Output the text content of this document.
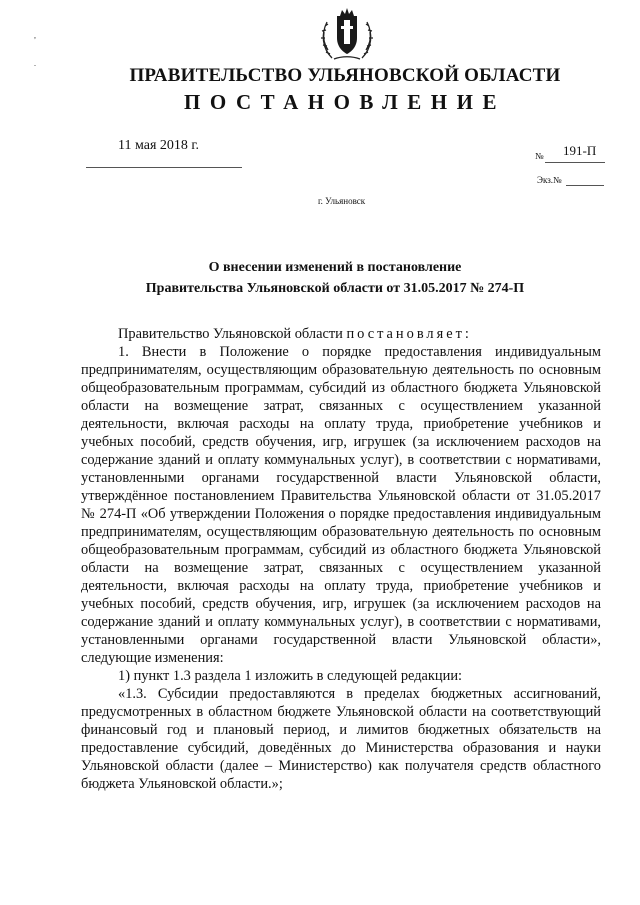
,
.
ПРАВИТЕЛЬСТВО УЛЬЯНОВСКОЙ ОБЛАСТИ
ПОСТАНОВЛЕНИЕ
11 мая 2018 г.
№ 191-П
Экз.№
г. Ульяновск
О внесении изменений в постановление
Правительства Ульяновской области от 31.05.2017 № 274-П

Правительство Ульяновской области постановляет:

1. Внести в Положение о порядке предоставления индивидуальным предпринимателям, осуществляющим образовательную деятельность по основным общеобразовательным программам, субсидий из областного бюджета Ульяновской области на возмещение затрат, связанных с осуществлением указанной деятельности, включая расходы на оплату труда, приобретение учебников и учебных пособий, средств обучения, игр, игрушек (за исключением расходов на содержание зданий и оплату коммунальных услуг), в соответствии с нормативами, установленными органами государственной власти Ульяновской области, утверждённое постановлением Правительства Ульяновской области от 31.05.2017 № 274-П «Об утверждении Положения о порядке предоставления индивидуальным предпринимателям, осуществляющим образовательную деятельность по основным общеобразовательным программам, субсидий из областного бюджета Ульяновской области на возмещение затрат, связанных с осуществлением указанной деятельности, включая расходы на оплату труда, приобретение учебников и учебных пособий, средств обучения, игр, игрушек (за исключением расходов на содержание зданий и оплату коммунальных услуг), в соответствии с нормативами, установленными органами государственной власти Ульяновской области», следующие изменения:

1) пункт 1.3 раздела 1 изложить в следующей редакции:

«1.3. Субсидии предоставляются в пределах бюджетных ассигнований, предусмотренных в областном бюджете Ульяновской области на соответствующий финансовый год и плановый период, и лимитов бюджетных обязательств на предоставление субсидий, доведённых до Министерства образования и науки Ульяновской области (далее – Министерство) как получателя средств областного бюджета Ульяновской области.»;
